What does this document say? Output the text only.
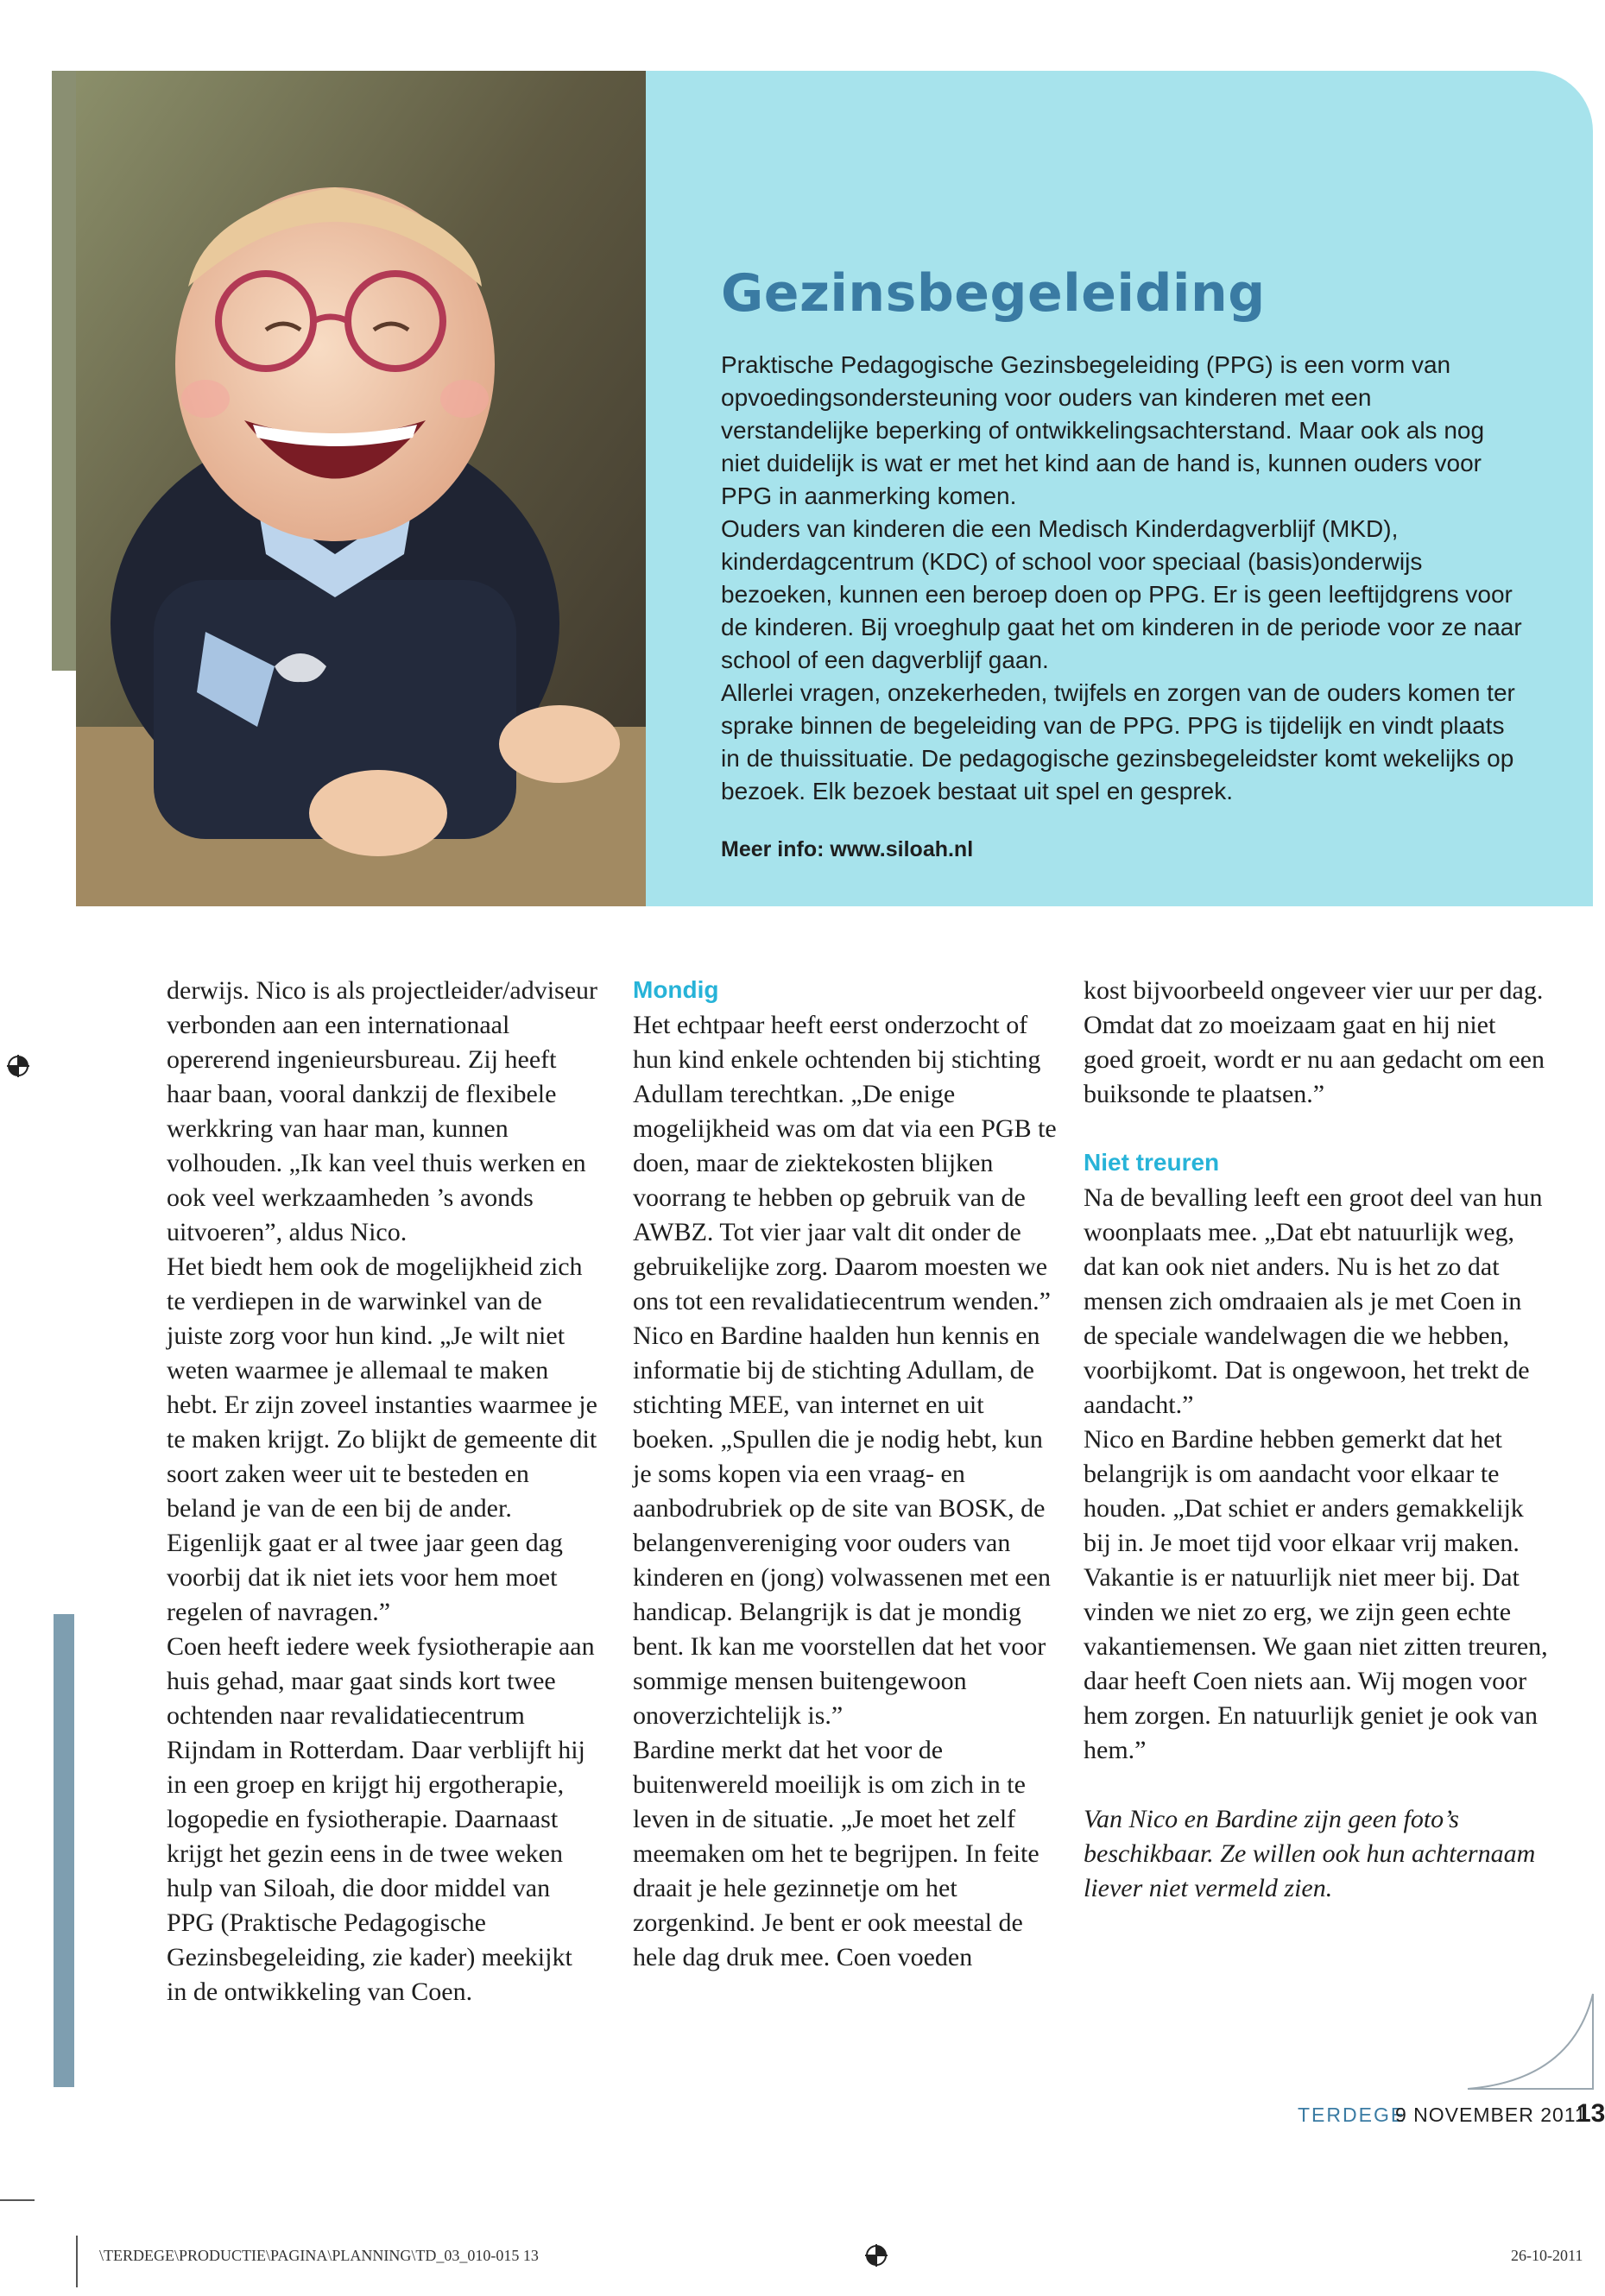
Gezinsbegeleiding

Praktische Pedagogische Gezinsbegeleiding (PPG) is een vorm van opvoedingsondersteuning voor ouders van kinderen met een verstandelijke beperking of ontwikkelingsachterstand. Maar ook als nog niet duidelijk is wat er met het kind aan de hand is, kunnen ouders voor PPG in aanmerking komen.

Ouders van kinderen die een Medisch Kinderdagverblijf (MKD), kinderdagcentrum (KDC) of school voor speciaal (basis)onderwijs bezoeken, kunnen een beroep doen op PPG. Er is geen leeftijdgrens voor de kinderen. Bij vroeghulp gaat het om kinderen in de periode voor ze naar school of een dagverblijf gaan.

Allerlei vragen, onzekerheden, twijfels en zorgen van de ouders komen ter sprake binnen de begeleiding van de PPG. PPG is tijdelijk en vindt plaats in de thuissituatie. De pedagogische gezinsbegeleidster komt wekelijks op bezoek. Elk bezoek bestaat uit spel en gesprek.

Meer info: www.siloah.nl

derwijs. Nico is als projectleider/adviseur verbonden aan een internationaal opererend ingenieursbureau. Zij heeft haar baan, vooral dankzij de flexibele werkkring van haar man, kunnen volhouden. „Ik kan veel thuis werken en ook veel werkzaamheden ’s avonds uitvoeren”, aldus Nico.

Het biedt hem ook de mogelijkheid zich te verdiepen in de warwinkel van de juiste zorg voor hun kind. „Je wilt niet weten waarmee je allemaal te maken hebt. Er zijn zoveel instanties waarmee je te maken krijgt. Zo blijkt de gemeente dit soort zaken weer uit te besteden en beland je van de een bij de ander. Eigenlijk gaat er al twee jaar geen dag voorbij dat ik niet iets voor hem moet regelen of navragen.”

Coen heeft iedere week fysiotherapie aan huis gehad, maar gaat sinds kort twee ochtenden naar revalidatiecentrum Rijndam in Rotterdam. Daar verblijft hij in een groep en krijgt hij ergotherapie, logopedie en fysiotherapie. Daarnaast krijgt het gezin eens in de twee weken hulp van Siloah, die door middel van PPG (Praktische Pedagogische Gezinsbegeleiding, zie kader) meekijkt in de ontwikkeling van Coen.

Mondig

Het echtpaar heeft eerst onderzocht of hun kind enkele ochtenden bij stichting Adullam terechtkan. „De enige mogelijkheid was om dat via een PGB te doen, maar de ziektekosten blijken voorrang te hebben op gebruik van de AWBZ. Tot vier jaar valt dit onder de gebruikelijke zorg. Daarom moesten we ons tot een revalidatiecentrum wenden.”

Nico en Bardine haalden hun kennis en informatie bij de stichting Adullam, de stichting MEE, van internet en uit boeken. „Spullen die je nodig hebt, kun je soms kopen via een vraag- en aanbodrubriek op de site van BOSK, de belangenvereniging voor ouders van kinderen en (jong) volwassenen met een handicap. Belangrijk is dat je mondig bent. Ik kan me voorstellen dat het voor sommige mensen buitengewoon onoverzichtelijk is.”

Bardine merkt dat het voor de buitenwereld moeilijk is om zich in te leven in de situatie. „Je moet het zelf meemaken om het te begrijpen. In feite draait je hele gezinnetje om het zorgenkind. Je bent er ook meestal de hele dag druk mee. Coen voeden

kost bijvoorbeeld ongeveer vier uur per dag. Omdat dat zo moeizaam gaat en hij niet goed groeit, wordt er nu aan gedacht om een buiksonde te plaatsen.”

Niet treuren

Na de bevalling leeft een groot deel van hun woonplaats mee. „Dat ebt natuurlijk weg, dat kan ook niet anders. Nu is het zo dat mensen zich omdraaien als je met Coen in de speciale wandelwagen die we hebben, voorbijkomt. Dat is ongewoon, het trekt de aandacht.”

Nico en Bardine hebben gemerkt dat het belangrijk is om aandacht voor elkaar te houden. „Dat schiet er anders gemakkelijk bij in. Je moet tijd voor elkaar vrij maken. Vakantie is er natuurlijk niet meer bij. Dat vinden we niet zo erg, we zijn geen echte vakantiemensen. We gaan niet zitten treuren, daar heeft Coen niets aan. Wij mogen voor hem zorgen. En natuurlijk geniet je ook van hem.”

Van Nico en Bardine zijn geen foto’s beschikbaar. Ze willen ook hun achternaam liever niet vermeld zien.

TERDEGE
9 NOVEMBER 2011
13
\TERDEGE\PRODUCTIE\PAGINA\PLANNING\TD_03_010-015 13	26-10-2011
